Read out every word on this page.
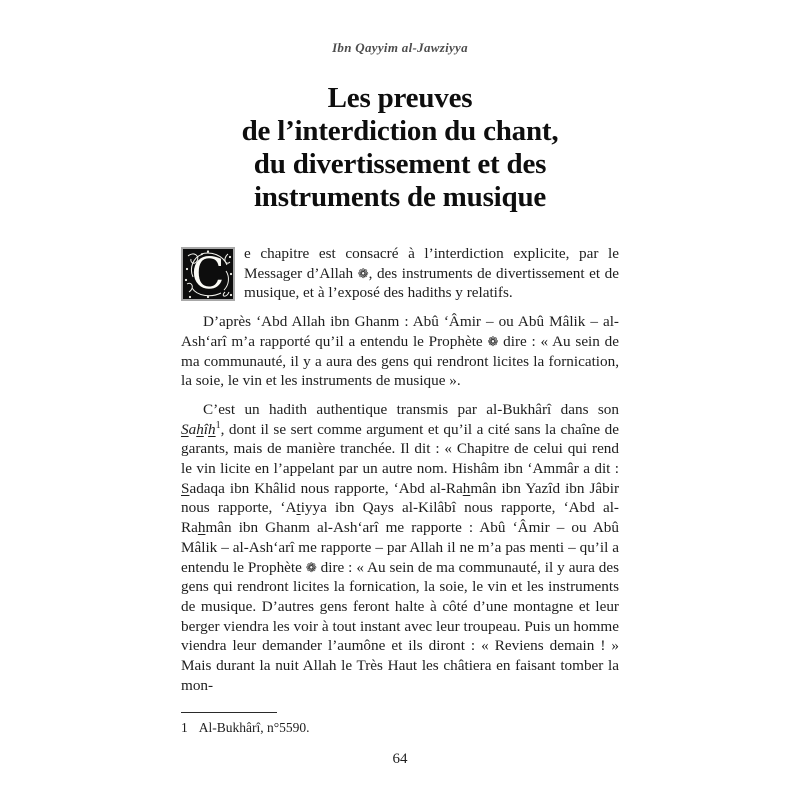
Ibn Qayyim al-Jawziyya
Les preuves
de l’interdiction du chant,
du divertissement et des
instruments de musique

C e chapitre est consacré à l’interdiction explicite, par le Messager d’Allah ❁, des instruments de divertissement et de musique, et à l’exposé des hadiths y relatifs.

D’après ‘Abd Allah ibn Ghanm : Abû ‘Âmir – ou Abû Mâlik – al-Ash‘arî m’a rapporté qu’il a entendu le Prophète ❁ dire : « Au sein de ma communauté, il y a aura des gens qui rendront licites la fornication, la soie, le vin et les instruments de musique ».

C’est un hadith authentique transmis par al-Bukhârî dans son Sahîh$^1$, dont il se sert comme argument et qu’il a cité sans la chaîne de garants, mais de manière tranchée. Il dit : « Chapitre de celui qui rend le vin licite en l’appelant par un autre nom. Hishâm ibn ‘Ammâr a dit : Sadaqa ibn Khâlid nous rapporte, ‘Abd al-Rahmân ibn Yazîd ibn Jâbir nous rapporte, ‘Atiyya ibn Qays al-Kilâbî nous rapporte, ‘Abd al-Rahmân ibn Ghanm al-Ash‘arî me rapporte : Abû ‘Âmir – ou Abû Mâlik – al-Ash‘arî me rapporte – par Allah il ne m’a pas menti – qu’il a entendu le Prophète ❁ dire : « Au sein de ma communauté, il y aura des gens qui rendront licites la fornication, la soie, le vin et les instruments de musique. D’autres gens feront halte à côté d’une montagne et leur berger viendra les voir à tout instant avec leur troupeau. Puis un homme viendra leur demander l’aumône et ils diront : « Reviens demain ! » Mais durant la nuit Allah le Très Haut les châtiera en faisant tomber la mon-

1 Al-Bukhârî, n°5590.
64
